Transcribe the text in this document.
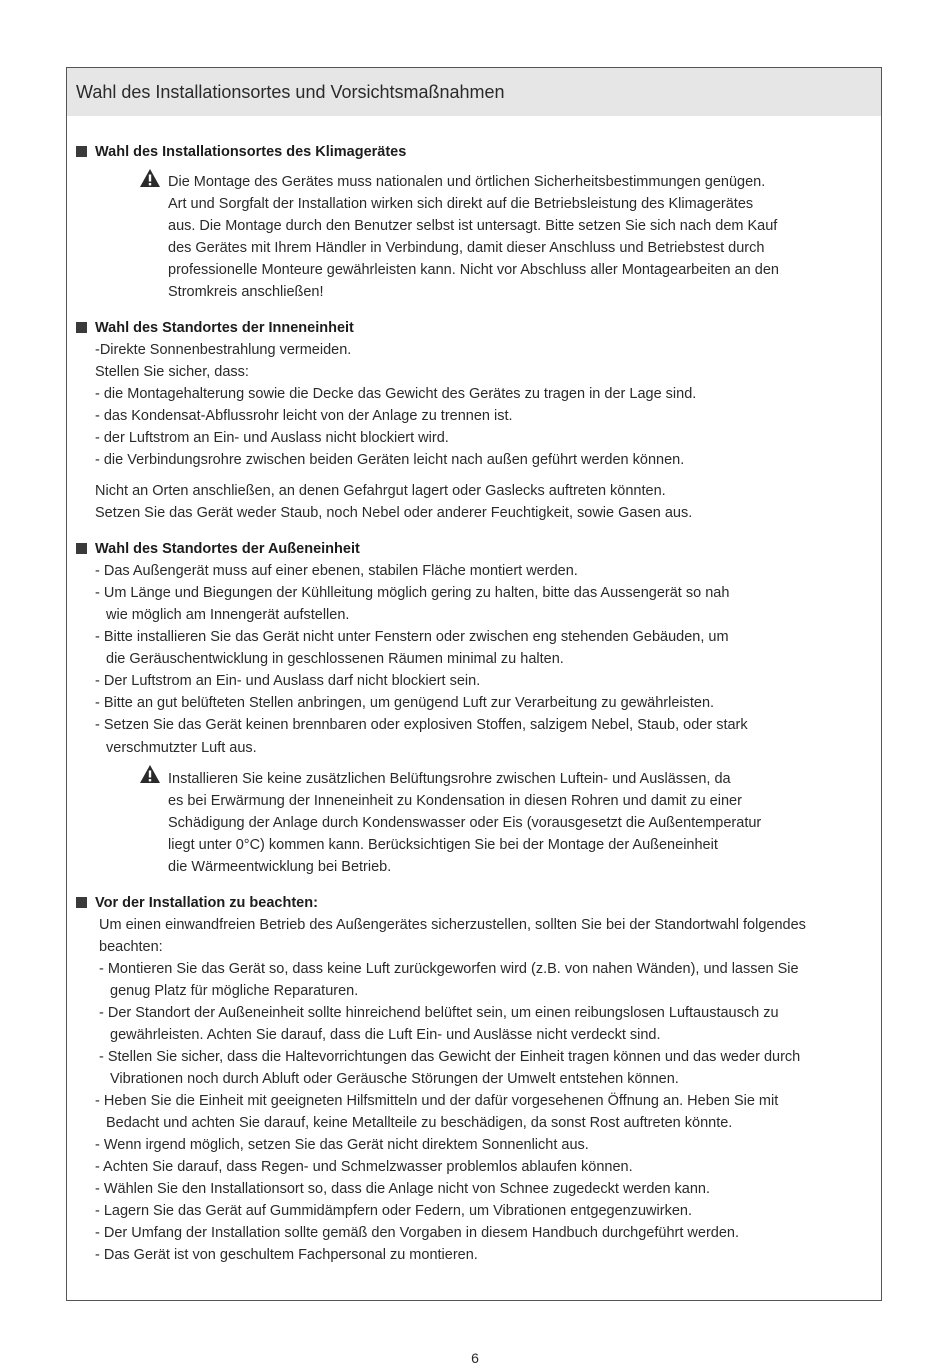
Wahl des Installationsortes und Vorsichtsmaßnahmen
Wahl des Installationsortes des Klimagerätes
Die Montage des Gerätes muss nationalen und örtlichen Sicherheitsbestimmungen genügen.
Art und Sorgfalt der Installation wirken sich direkt auf die Betriebsleistung des Klimagerätes
aus. Die Montage durch den Benutzer selbst ist untersagt. Bitte setzen Sie sich nach dem Kauf
des Gerätes mit Ihrem Händler in Verbindung, damit dieser Anschluss und Betriebstest durch
professionelle Monteure gewährleisten kann. Nicht vor Abschluss aller Montagearbeiten an den
Stromkreis anschließen!
Wahl des Standortes der Inneneinheit
-Direkte Sonnenbestrahlung vermeiden.
Stellen Sie sicher, dass:
- die Montagehalterung sowie die Decke das Gewicht des Gerätes zu tragen in der Lage sind.
- das Kondensat-Abflussrohr leicht von der Anlage zu trennen ist.
- der Luftstrom an Ein- und Auslass nicht blockiert wird.
- die Verbindungsrohre zwischen beiden Geräten leicht nach außen geführt werden können.
Nicht an Orten anschließen, an denen Gefahrgut lagert oder Gaslecks auftreten könnten.
Setzen Sie das Gerät weder Staub, noch Nebel oder anderer Feuchtigkeit, sowie Gasen aus.
Wahl des Standortes der Außeneinheit
- Das Außengerät muss auf einer ebenen, stabilen Fläche montiert werden.
- Um Länge und Biegungen der Kühlleitung möglich gering zu halten, bitte das Aussengerät so nah
wie möglich am Innengerät aufstellen.
- Bitte installieren Sie das Gerät nicht unter Fenstern oder zwischen eng stehenden Gebäuden, um
die Geräuschentwicklung in geschlossenen Räumen minimal zu halten.
- Der Luftstrom an Ein- und Auslass darf nicht blockiert sein.
- Bitte an gut belüfteten Stellen anbringen, um genügend Luft zur Verarbeitung zu gewährleisten.
- Setzen Sie das Gerät keinen brennbaren oder explosiven Stoffen, salzigem Nebel, Staub, oder stark
verschmutzter Luft aus.
Installieren Sie keine zusätzlichen Belüftungsrohre zwischen Luftein- und Auslässen, da
es bei Erwärmung der Inneneinheit zu Kondensation in diesen Rohren und damit zu einer
Schädigung der Anlage durch Kondenswasser oder Eis (vorausgesetzt die Außentemperatur
liegt unter 0°C) kommen kann. Berücksichtigen Sie bei der Montage der Außeneinheit
die Wärmeentwicklung bei Betrieb.
Vor der Installation zu beachten:
Um einen einwandfreien Betrieb des Außengerätes sicherzustellen, sollten Sie bei der Standortwahl folgendes
beachten:
- Montieren Sie das Gerät so, dass keine Luft zurückgeworfen wird (z.B. von nahen Wänden), und lassen Sie
genug Platz für mögliche Reparaturen.
- Der Standort der Außeneinheit sollte hinreichend belüftet sein, um einen reibungslosen Luftaustausch zu
gewährleisten. Achten Sie darauf, dass die Luft Ein- und Auslässe nicht verdeckt sind.
- Stellen Sie sicher, dass die Haltevorrichtungen das Gewicht der Einheit tragen können und das weder durch
Vibrationen noch durch Abluft oder Geräusche Störungen der Umwelt entstehen können.
- Heben Sie die Einheit mit geeigneten Hilfsmitteln und der dafür vorgesehenen Öffnung an. Heben Sie mit
Bedacht und achten Sie darauf, keine Metallteile zu beschädigen, da sonst Rost auftreten könnte.
- Wenn irgend möglich, setzen Sie das Gerät nicht direktem Sonnenlicht aus.
- Achten Sie darauf, dass Regen- und Schmelzwasser problemlos ablaufen können.
- Wählen Sie den Installationsort so, dass die Anlage nicht von Schnee zugedeckt werden kann.
- Lagern Sie das Gerät auf Gummidämpfern oder Federn, um Vibrationen entgegenzuwirken.
- Der Umfang der Installation sollte gemäß den Vorgaben in diesem Handbuch durchgeführt werden.
- Das Gerät ist von geschultem Fachpersonal zu montieren.
6
